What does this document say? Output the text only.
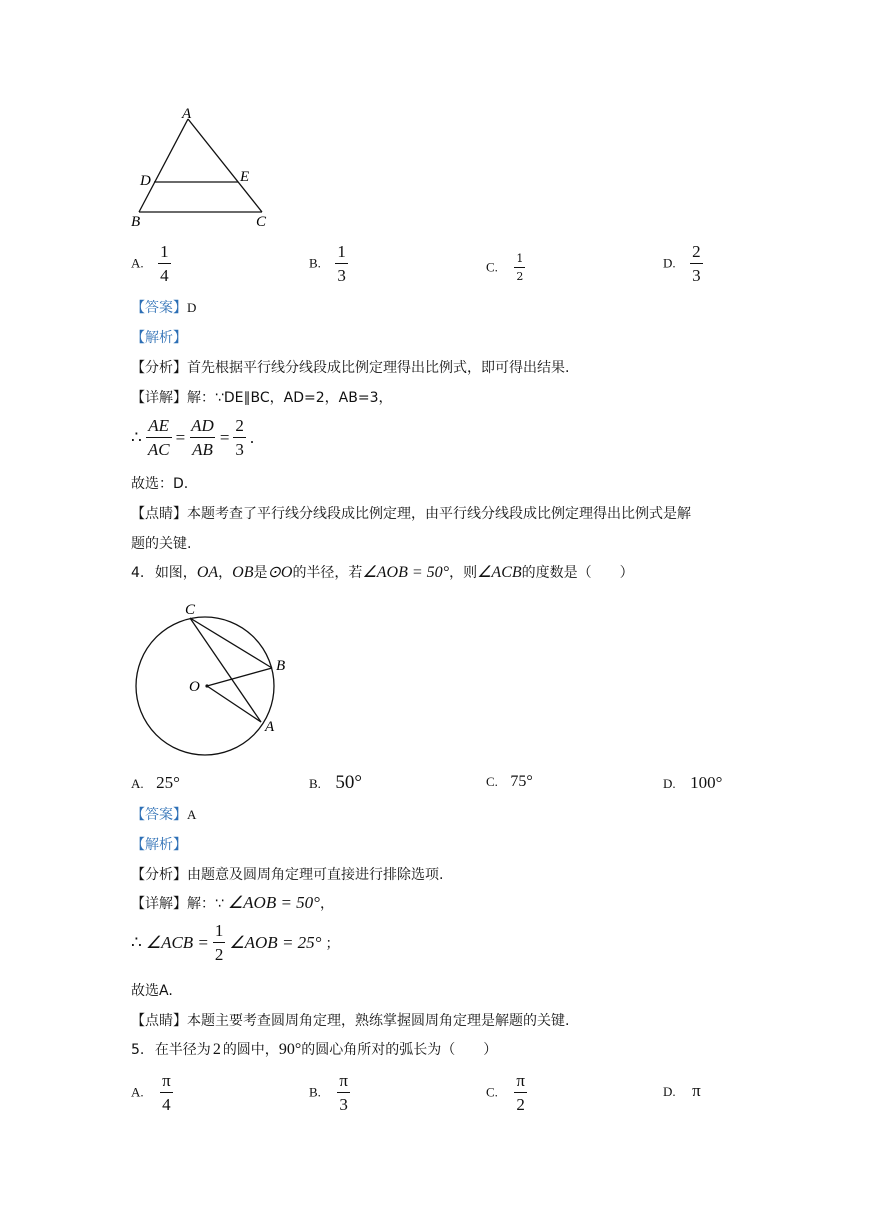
A
D	E
B	C
A. $\frac{1}{4}$	B. $\frac{1}{3}$	C. $\frac{1}{2}$	D. $\frac{2}{3}$
【答案】D
【解析】
【分析】首先根据平行线分线段成比例定理得出比例式，即可得出结果.
【详解】解：∵DE∥BC，AD=2，AB=3，
∴ $\frac{AE}{AC} = \frac{AD}{AB} = \frac{2}{3}$ .
故选：D.
【点睛】本题考查了平行线分线段成比例定理，由平行线分线段成比例定理得出比例式是解
题的关键.
4. 如图，OA，OB是⊙O的半径，若∠AOB = 50°，则∠ACB的度数是（　　）
C
B
O
A
A. 25°	B. 50°	C. 75°	D. 100°
【答案】A
【解析】
【分析】由题意及圆周角定理可直接进行排除选项.
【详解】解：∵ ∠AOB = 50°，
∴ ∠ACB = $\frac{1}{2}$ ∠AOB = 25° ；
故选A.
【点睛】本题主要考查圆周角定理，熟练掌握圆周角定理是解题的关键.
5. 在半径为 2 的圆中，90°的圆心角所对的弧长为（　　）
A. $\frac{\pi}{4}$	B. $\frac{\pi}{3}$	C. $\frac{\pi}{2}$	D. π
